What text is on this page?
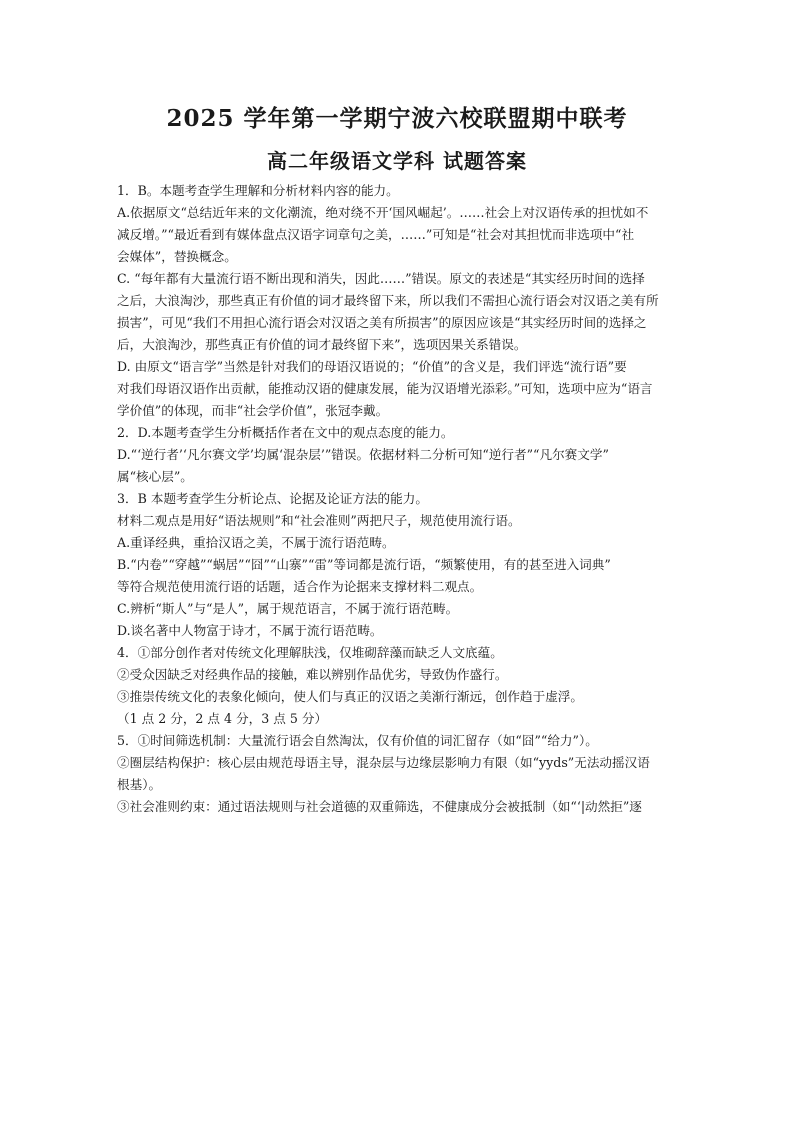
2025 学年第一学期宁波六校联盟期中联考
高二年级语文学科 试题答案
1．B。本题考查学生理解和分析材料内容的能力。
A.依据原文“总结近年来的文化潮流，绝对绕不开‘国风崛起’。……社会上对汉语传承的担忧如不
减反增。”“最近看到有媒体盘点汉语字词章句之美，……”可知是“社会对其担忧而非选项中“社
会媒体”，替换概念。
C. “每年都有大量流行语不断出现和消失，因此……”错误。原文的表述是“其实经历时间的选择
之后，大浪淘沙，那些真正有价值的词才最终留下来，所以我们不需担心流行语会对汉语之美有所
损害”，可见“我们不用担心流行语会对汉语之美有所损害”的原因应该是“其实经历时间的选择之
后，大浪淘沙，那些真正有价值的词才最终留下来”，选项因果关系错误。
D. 由原文“语言学”当然是针对我们的母语汉语说的；“价值”的含义是，我们评选“流行语”要
对我们母语汉语作出贡献，能推动汉语的健康发展，能为汉语增光添彩。”可知，选项中应为“语言
学价值”的体现，而非“社会学价值”，张冠李戴。
2．D.本题考查学生分析概括作者在文中的观点态度的能力。
D.“‘逆行者’‘凡尔赛文学’均属‘混杂层’”错误。依据材料二分析可知“逆行者”“凡尔赛文学”
属“核心层”。
3．B 本题考查学生分析论点、论据及论证方法的能力。
材料二观点是用好“语法规则”和“社会准则”两把尺子，规范使用流行语。
A.重译经典，重拾汉语之美，不属于流行语范畴。
B.“内卷”“穿越”“蜗居”“囧”“山寨”“雷”等词都是流行语，“频繁使用，有的甚至进入词典”
等符合规范使用流行语的话题，适合作为论据来支撑材料二观点。
C.辨析“斯人”与“是人”，属于规范语言，不属于流行语范畴。
D.谈名著中人物富于诗才，不属于流行语范畴。
4．①部分创作者对传统文化理解肤浅，仅堆砌辞藻而缺乏人文底蕴。
②受众因缺乏对经典作品的接触，难以辨别作品优劣，导致伪作盛行。
③推崇传统文化的表象化倾向，使人们与真正的汉语之美渐行渐远，创作趋于虚浮。
（1 点 2 分，2 点 4 分，3 点 5 分）
5．①时间筛选机制：大量流行语会自然淘汰，仅有价值的词汇留存（如“囧”“给力”）。
②圈层结构保护：核心层由规范母语主导，混杂层与边缘层影响力有限（如“yyds”无法动摇汉语
根基）。
③社会准则约束：通过语法规则与社会道德的双重筛选，不健康成分会被抵制（如“‘|动然拒”逐
